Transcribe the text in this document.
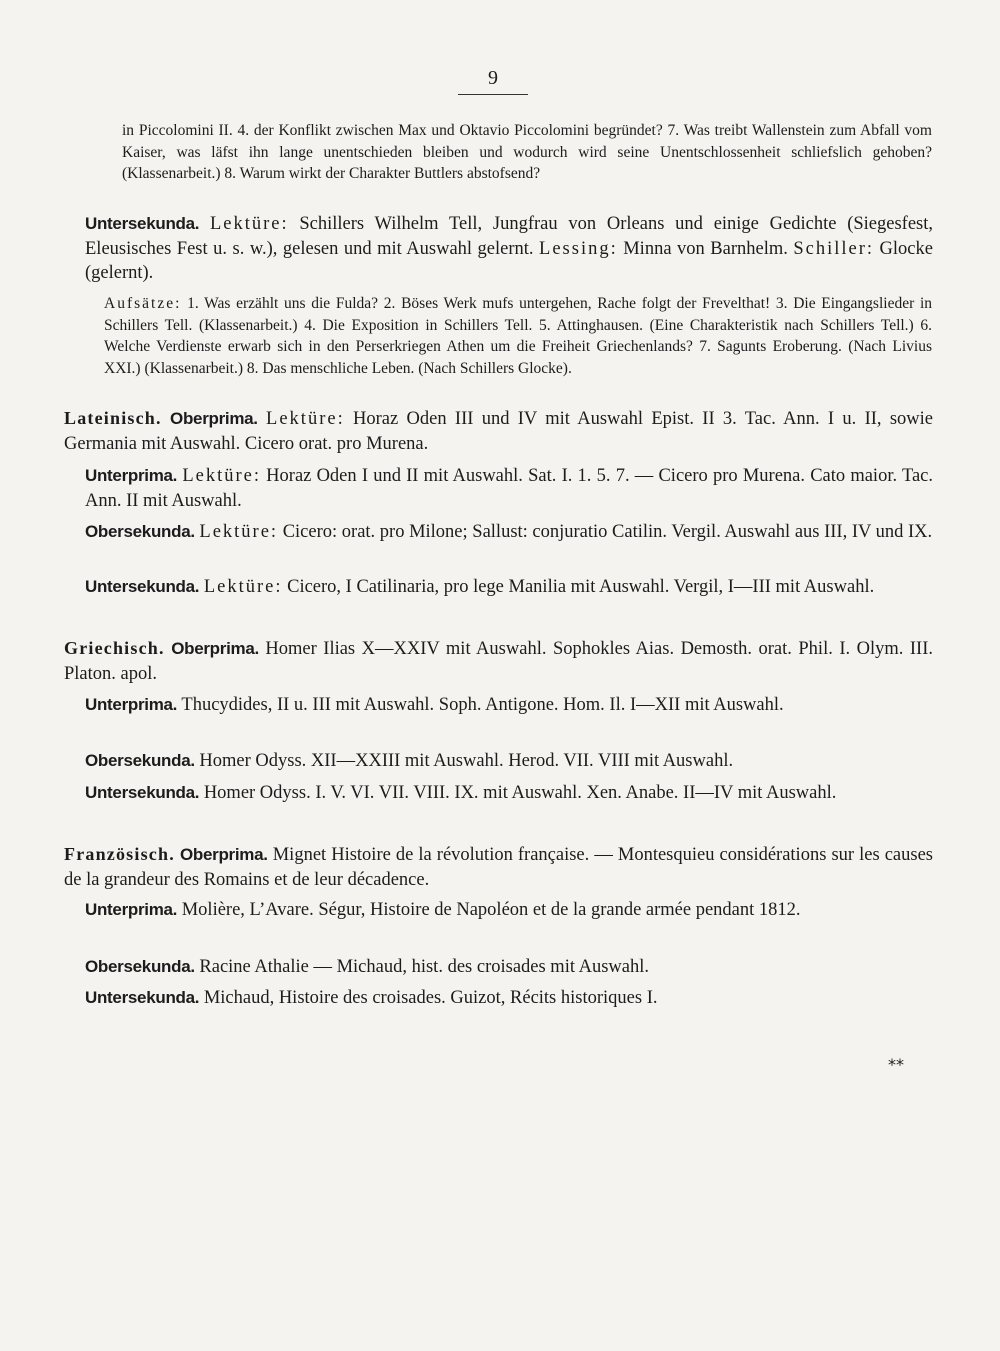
9
in Piccolomini II. 4. der Konflikt zwischen Max und Oktavio Piccolomini begründet? 7. Was treibt Wallenstein zum Abfall vom Kaiser, was läfst ihn lange unentschieden bleiben und wodurch wird seine Unentschlossenheit schliefslich gehoben? (Klassenarbeit.) 8. Warum wirkt der Charakter Buttlers abstofsend?
Untersekunda. Lektüre: Schillers Wilhelm Tell, Jungfrau von Orleans und einige Gedichte (Siegesfest, Eleusisches Fest u. s. w.), gelesen und mit Auswahl gelernt. Lessing: Minna von Barnhelm. Schiller: Glocke (gelernt).
Aufsätze: 1. Was erzählt uns die Fulda? 2. Böses Werk mufs untergehen, Rache folgt der Frevelthat! 3. Die Eingangslieder in Schillers Tell. (Klassenarbeit.) 4. Die Exposition in Schillers Tell. 5. Attinghausen. (Eine Charakteristik nach Schillers Tell.) 6. Welche Verdienste erwarb sich in den Perserkriegen Athen um die Freiheit Griechenlands? 7. Sagunts Eroberung. (Nach Livius XXI.) (Klassenarbeit.) 8. Das menschliche Leben. (Nach Schillers Glocke).
Lateinisch. Oberprima. Lektüre: Horaz Oden III und IV mit Auswahl Epist. II 3. Tac. Ann. I u. II, sowie Germania mit Auswahl. Cicero orat. pro Murena.
Unterprima. Lektüre: Horaz Oden I und II mit Auswahl. Sat. I. 1. 5. 7. — Cicero pro Murena. Cato maior. Tac. Ann. II mit Auswahl.
Obersekunda. Lektüre: Cicero: orat. pro Milone; Sallust: conjuratio Catilin. Vergil. Auswahl aus III, IV und IX.
Untersekunda. Lektüre: Cicero, I Catilinaria, pro lege Manilia mit Auswahl. Vergil, I—III mit Auswahl.
Griechisch. Oberprima. Homer Ilias X—XXIV mit Auswahl. Sophokles Aias. Demosth. orat. Phil. I. Olym. III. Platon. apol.
Unterprima. Thucydides, II u. III mit Auswahl. Soph. Antigone. Hom. Il. I—XII mit Auswahl.
Obersekunda. Homer Odyss. XII—XXIII mit Auswahl. Herod. VII. VIII mit Auswahl.
Untersekunda. Homer Odyss. I. V. VI. VII. VIII. IX. mit Auswahl. Xen. Anabe. II—IV mit Auswahl.
Französisch. Oberprima. Mignet Histoire de la révolution française. — Montesquieu considérations sur les causes de la grandeur des Romains et de leur décadence.
Unterprima. Molière, L’Avare. Ségur, Histoire de Napoléon et de la grande armée pendant 1812.
Obersekunda. Racine Athalie — Michaud, hist. des croisades mit Auswahl.
Untersekunda. Michaud, Histoire des croisades. Guizot, Récits historiques I.
**
